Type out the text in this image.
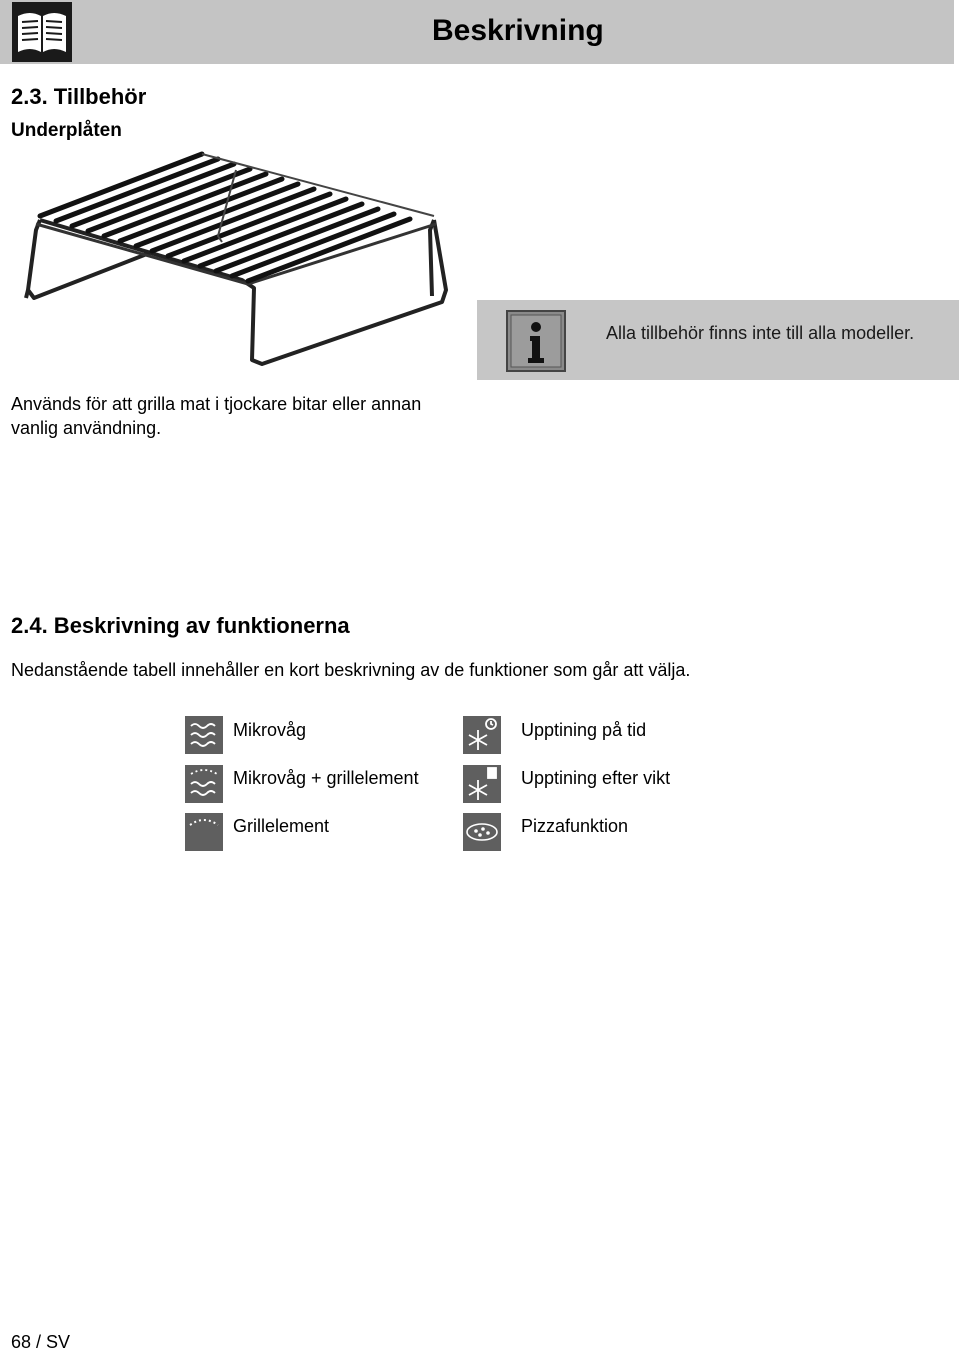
Beskrivning
2.3. Tillbehör
Underplåten
Alla tillbehör finns inte till alla modeller.
Används för att grilla mat i tjockare bitar eller annan vanlig användning.
2.4. Beskrivning av funktionerna
Nedanstående tabell innehåller en kort beskrivning av de funktioner som går att välja.
Mikrovåg	Upptining på tid
Mikrovåg + grillelement	Upptining efter vikt
Grillelement	Pizzafunktion
68 / SV
